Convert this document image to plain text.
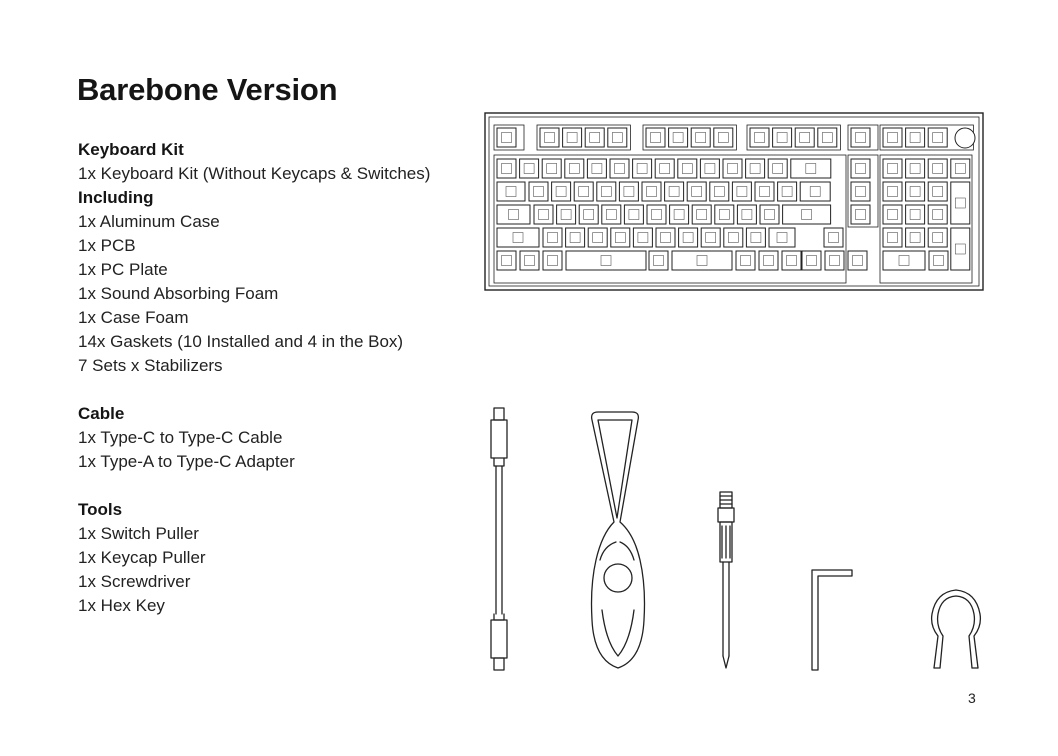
Barebone Version
Keyboard Kit
1x Keyboard Kit (Without Keycaps & Switches)
Including
1x Aluminum Case
1x PCB
1x PC Plate
1x Sound Absorbing Foam
1x Case Foam
14x Gaskets (10 Installed and 4 in the Box)
7 Sets x Stabilizers
Cable
1x Type-C to Type-C Cable
1x Type-A to Type-C Adapter
Tools
1x Switch Puller
1x Keycap Puller
1x Screwdriver
1x Hex Key
3
